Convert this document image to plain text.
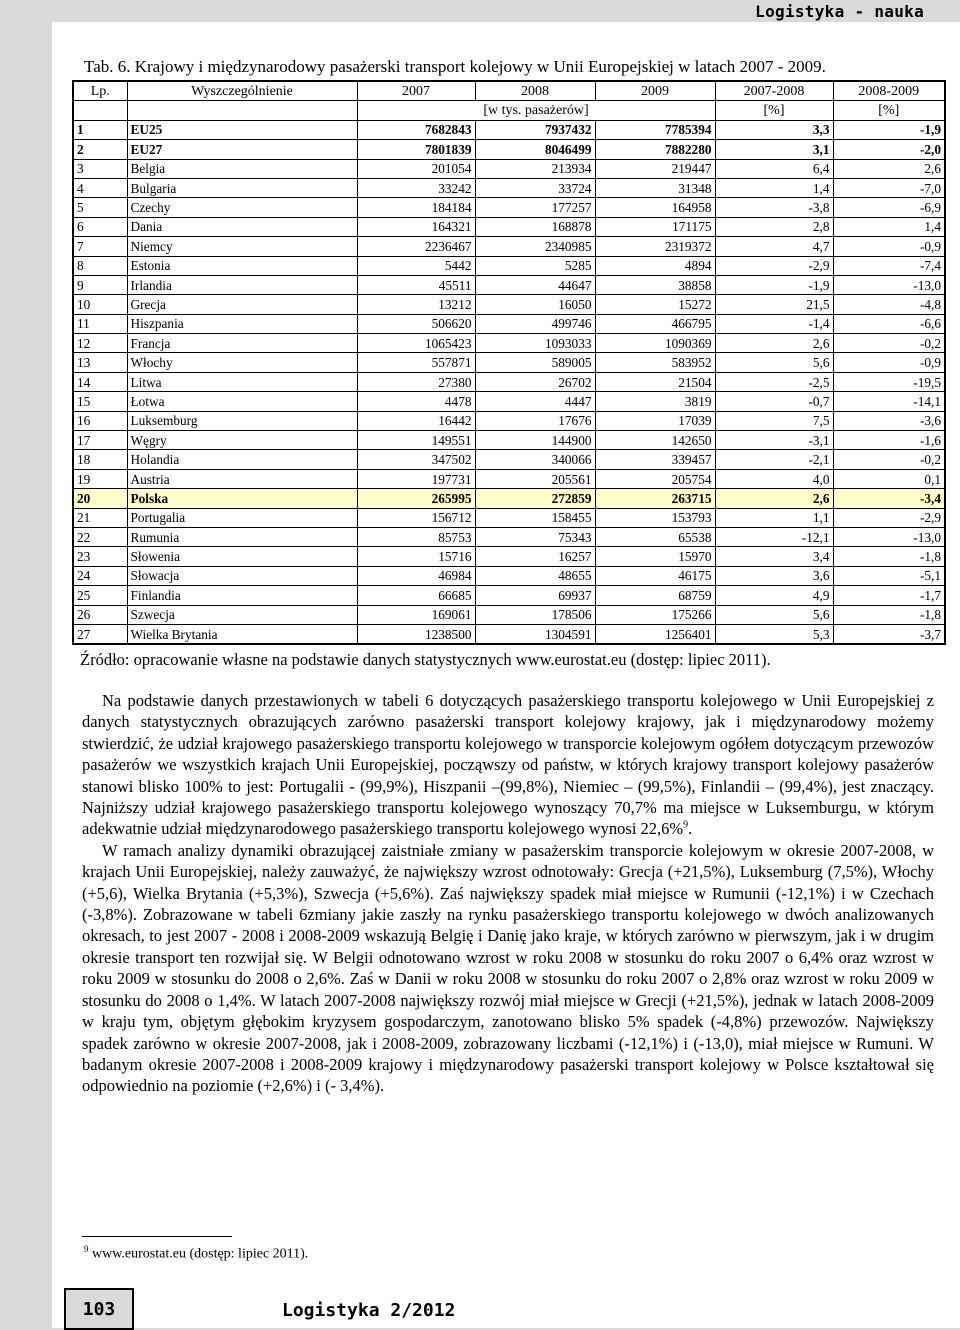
Logistyka - nauka
Tab. 6. Krajowy i międzynarodowy pasażerski transport kolejowy w Unii Europejskiej w latach 2007 - 2009.
Lp.	Wyszczególnienie	2007	2008	2009	2007-2008	2008-2009
		[w tys. pasażerów]			[%]	[%]
1	EU25	7682843	7937432	7785394	3,3	-1,9
2	EU27	7801839	8046499	7882280	3,1	-2,0
3	Belgia	201054	213934	219447	6,4	2,6
4	Bulgaria	33242	33724	31348	1,4	-7,0
5	Czechy	184184	177257	164958	-3,8	-6,9
6	Dania	164321	168878	171175	2,8	1,4
7	Niemcy	2236467	2340985	2319372	4,7	-0,9
8	Estonia	5442	5285	4894	-2,9	-7,4
9	Irlandia	45511	44647	38858	-1,9	-13,0
10	Grecja	13212	16050	15272	21,5	-4,8
11	Hiszpania	506620	499746	466795	-1,4	-6,6
12	Francja	1065423	1093033	1090369	2,6	-0,2
13	Włochy	557871	589005	583952	5,6	-0,9
14	Litwa	27380	26702	21504	-2,5	-19,5
15	Łotwa	4478	4447	3819	-0,7	-14,1
16	Luksemburg	16442	17676	17039	7,5	-3,6
17	Węgry	149551	144900	142650	-3,1	-1,6
18	Holandia	347502	340066	339457	-2,1	-0,2
19	Austria	197731	205561	205754	4,0	0,1
20	Polska	265995	272859	263715	2,6	-3,4
21	Portugalia	156712	158455	153793	1,1	-2,9
22	Rumunia	85753	75343	65538	-12,1	-13,0
23	Słowenia	15716	16257	15970	3,4	-1,8
24	Słowacja	46984	48655	46175	3,6	-5,1
25	Finlandia	66685	69937	68759	4,9	-1,7
26	Szwecja	169061	178506	175266	5,6	-1,8
27	Wielka Brytania	1238500	1304591	1256401	5,3	-3,7
Źródło: opracowanie własne na podstawie danych statystycznych www.eurostat.eu (dostęp: lipiec 2011).

Na podstawie danych przestawionych w tabeli 6 dotyczących pasażerskiego transportu kolejowego w Unii Europejskiej z danych statystycznych obrazujących zarówno pasażerski transport kolejowy krajowy, jak i międzynarodowy możemy stwierdzić, że udział krajowego pasażerskiego transportu kolejowego w transporcie kolejowym ogółem dotyczącym przewozów pasażerów we wszystkich krajach Unii Europejskiej, począwszy od państw, w których krajowy transport kolejowy pasażerów stanowi blisko 100% to jest: Portugalii - (99,9%), Hiszpanii –(99,8%), Niemiec – (99,5%), Finlandii – (99,4%), jest znaczący. Najniższy udział krajowego pasażerskiego transportu kolejowego wynoszący 70,7% ma miejsce w Luksemburgu, w którym adekwatnie udział międzynarodowego pasażerskiego transportu kolejowego wynosi 22,6%$^9$.

W ramach analizy dynamiki obrazującej zaistniałe zmiany w pasażerskim transporcie kolejowym w okresie 2007-2008, w krajach Unii Europejskiej, należy zauważyć, że największy wzrost odnotowały: Grecja (+21,5%), Luksemburg (7,5%), Włochy (+5,6), Wielka Brytania (+5,3%), Szwecja (+5,6%). Zaś największy spadek miał miejsce w Rumunii (-12,1%) i w Czechach (-3,8%). Zobrazowane w tabeli 6zmiany jakie zaszły na rynku pasażerskiego transportu kolejowego w dwóch analizowanych okresach, to jest 2007 - 2008 i 2008-2009 wskazują Belgię i Danię jako kraje, w których zarówno w pierwszym, jak i w drugim okresie transport ten rozwijał się. W Belgii odnotowano wzrost w roku 2008 w stosunku do roku 2007 o 6,4% oraz wzrost w roku 2009 w stosunku do 2008 o 2,6%. Zaś w Danii w roku 2008 w stosunku do roku 2007 o 2,8% oraz wzrost w roku 2009 w stosunku do 2008 o 1,4%. W latach 2007-2008 największy rozwój miał miejsce w Grecji (+21,5%), jednak w latach 2008-2009 w kraju tym, objętym głębokim kryzysem gospodarczym, zanotowano blisko 5% spadek (-4,8%) przewozów. Największy spadek zarówno w okresie 2007-2008, jak i 2008-2009, zobrazowany liczbami (-12,1%) i (-13,0), miał miejsce w Rumuni. W badanym okresie 2007-2008 i 2008-2009 krajowy i międzynarodowy pasażerski transport kolejowy w Polsce kształtował się odpowiednio na poziomie (+2,6%) i (- 3,4%).

$^9$ www.eurostat.eu (dostęp: lipiec 2011).
103	Logistyka 2/2012
